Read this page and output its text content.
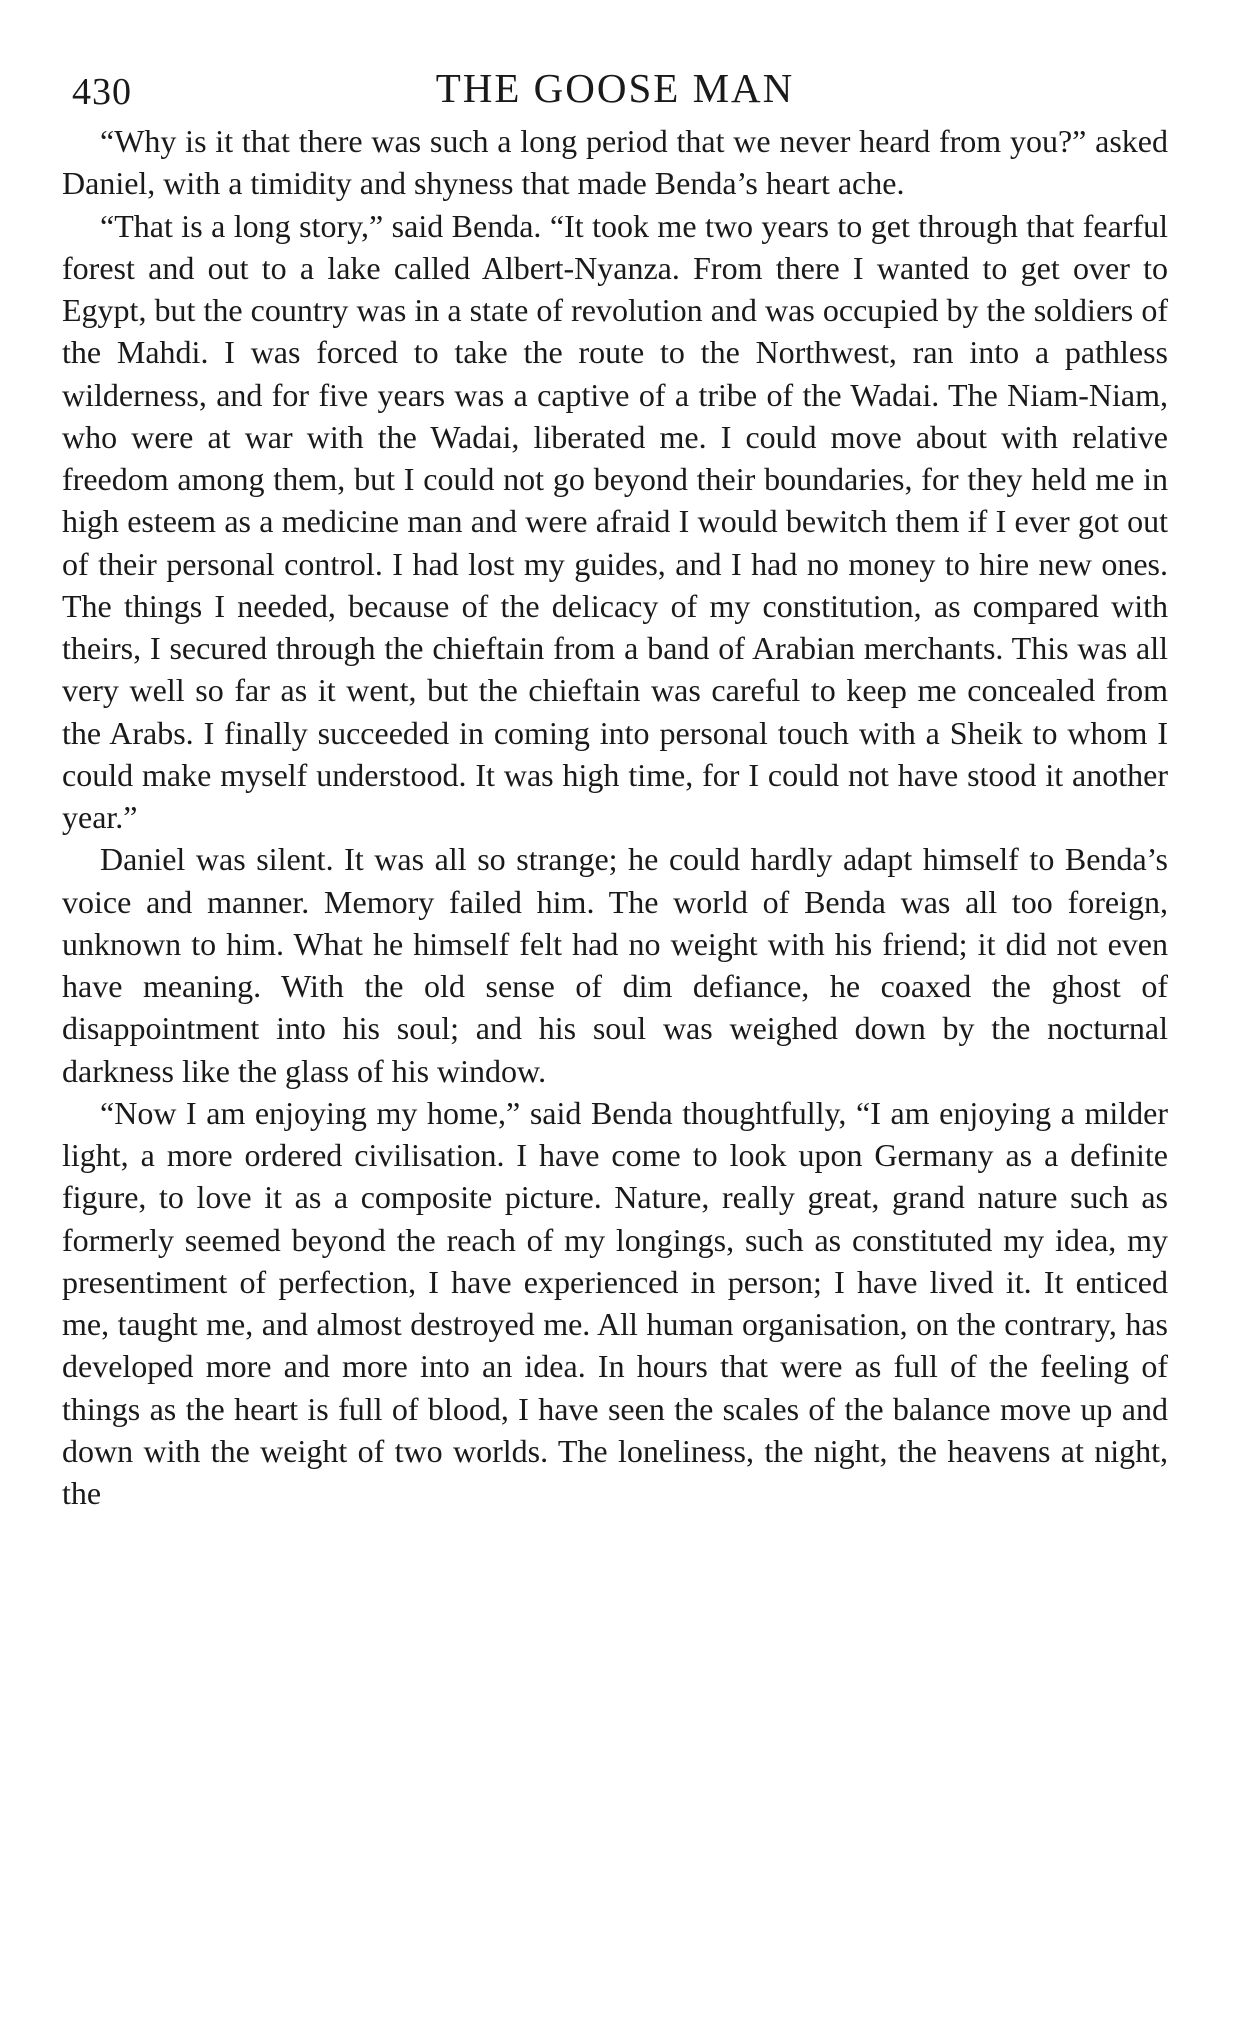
430	THE GOOSE MAN

“Why is it that there was such a long period that we never heard from you?” asked Daniel, with a timidity and shyness that made Benda’s heart ache.

“That is a long story,” said Benda. “It took me two years to get through that fearful forest and out to a lake called Albert-Nyanza. From there I wanted to get over to Egypt, but the country was in a state of revolution and was occupied by the soldiers of the Mahdi. I was forced to take the route to the Northwest, ran into a pathless wilderness, and for five years was a captive of a tribe of the Wadai. The Niam-Niam, who were at war with the Wadai, liberated me. I could move about with relative freedom among them, but I could not go beyond their boundaries, for they held me in high esteem as a medicine man and were afraid I would bewitch them if I ever got out of their personal control. I had lost my guides, and I had no money to hire new ones. The things I needed, because of the delicacy of my constitution, as compared with theirs, I secured through the chieftain from a band of Arabian merchants. This was all very well so far as it went, but the chieftain was careful to keep me concealed from the Arabs. I finally succeeded in coming into personal touch with a Sheik to whom I could make myself understood. It was high time, for I could not have stood it another year.”

Daniel was silent. It was all so strange; he could hardly adapt himself to Benda’s voice and manner. Memory failed him. The world of Benda was all too foreign, unknown to him. What he himself felt had no weight with his friend; it did not even have meaning. With the old sense of dim defiance, he coaxed the ghost of disappointment into his soul; and his soul was weighed down by the nocturnal darkness like the glass of his window.

“Now I am enjoying my home,” said Benda thoughtfully, “I am enjoying a milder light, a more ordered civilisation. I have come to look upon Germany as a definite figure, to love it as a composite picture. Nature, really great, grand nature such as formerly seemed beyond the reach of my longings, such as constituted my idea, my presentiment of perfection, I have experienced in person; I have lived it. It enticed me, taught me, and almost destroyed me. All human organisation, on the contrary, has developed more and more into an idea. In hours that were as full of the feeling of things as the heart is full of blood, I have seen the scales of the balance move up and down with the weight of two worlds. The loneliness, the night, the heavens at night, the
